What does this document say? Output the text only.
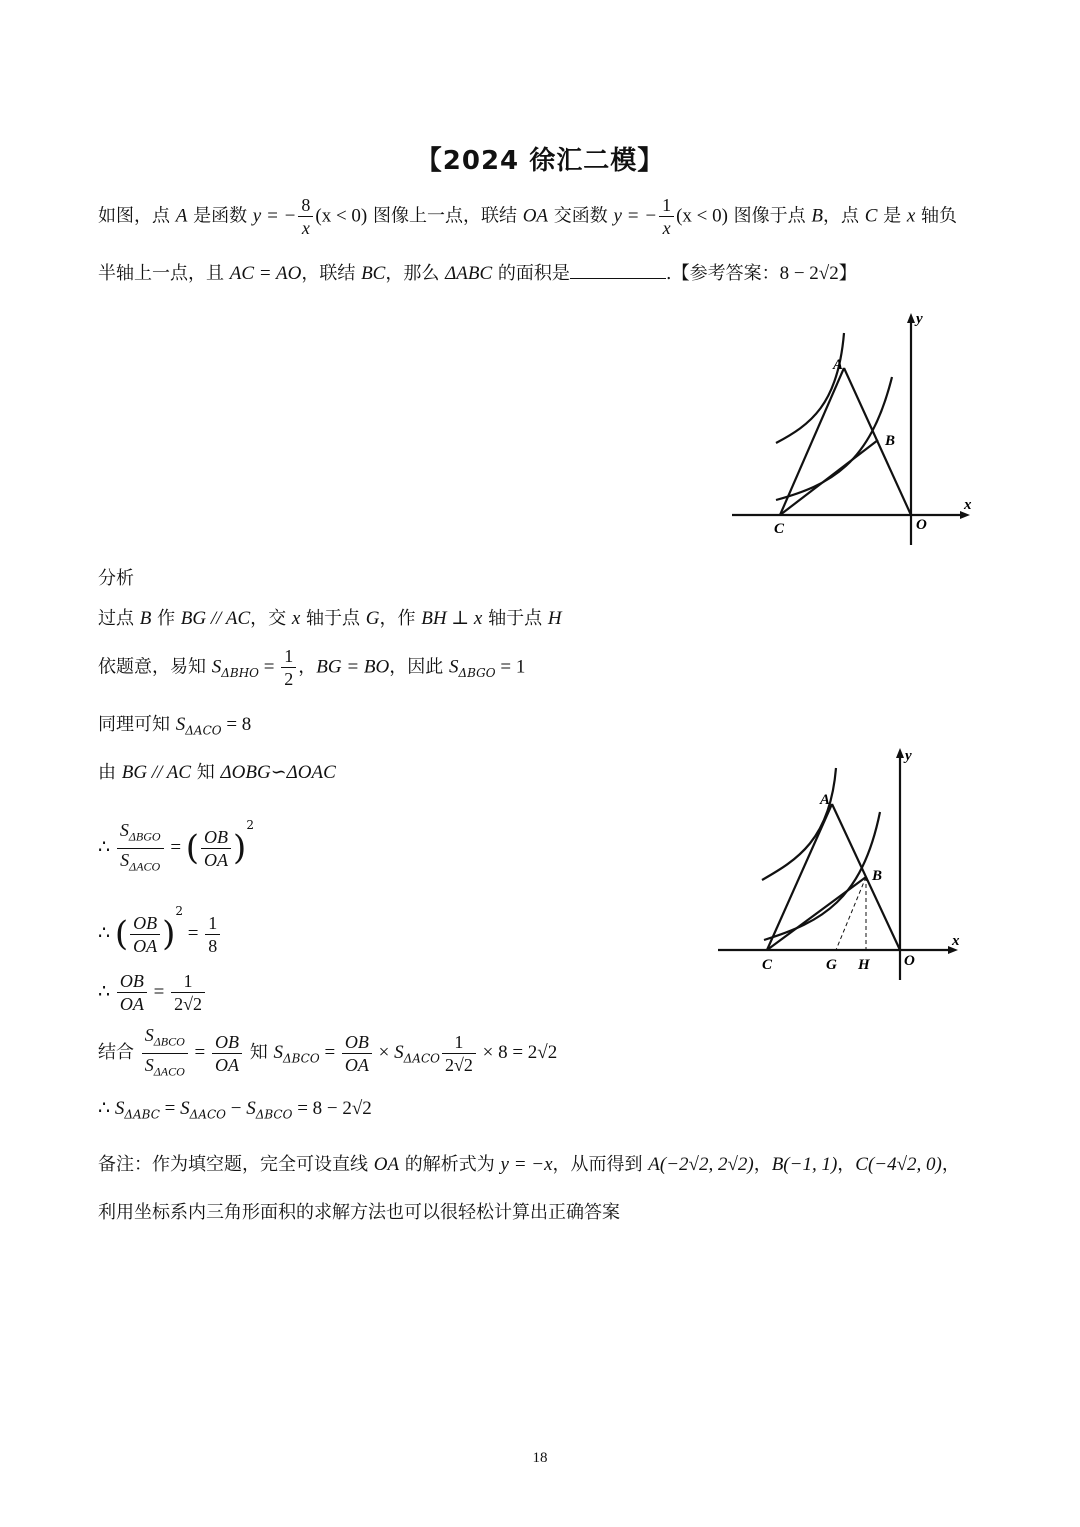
【2024 徐汇二模】
如图，点 A 是函数 y = − $\frac{8}{x} (x < 0)$ 图像上一点，联结 OA 交函数 y = − $\frac{1}{x} (x < 0)$ 图像于点 B，点 C 是 x 轴负
半轴上一点，且 AC = AO，联结 BC，那么 ΔABC 的面积是	.【参考答案：8 − 2√2】
A
B
C	O
x
y
分析
过点 B 作 BG // AC，交 x 轴于点 G，作 BH ⊥ x 轴于点 H
依题意，易知 $S_{\Delta BHO} = \frac{1}{2}$ ，BG = BO，因此 $S_{\Delta BGO} = 1$
同理可知 $S_{\Delta ACO} = 8$
由 BG // AC 知 ΔOBG∽ΔOAC
∴ $\frac{S_{\Delta BGO}}{S_{\Delta ACO}}$ = ( $\frac{OB}{OA} )^2$
∴ ( $\frac{OB}{OA} )^2 = \frac{1}{8}$
∴ $\frac{OB}{OA} = \frac{1}{2√2}$
结合 $\frac{S_{\Delta BCO}}{S_{\Delta ACO}} = \frac{OB}{OA}$ 知 $S_{\Delta BCO} = \frac{OB}{OA} \times S_{\Delta ACO} \frac{1}{2√2} \times 8 = 2√2$
∴ $S_{\Delta ABC} = S_{\Delta ACO} - S_{\Delta BCO} = 8 - 2√2$
A
B
C	G H O
x
y
备注：作为填空题，完全可设直线 OA 的解析式为 y = −x，从而得到 A(−2√2, 2√2)，B(−1, 1)，C(−4√2, 0)，
利用坐标系内三角形面积的求解方法也可以很轻松计算出正确答案
18
